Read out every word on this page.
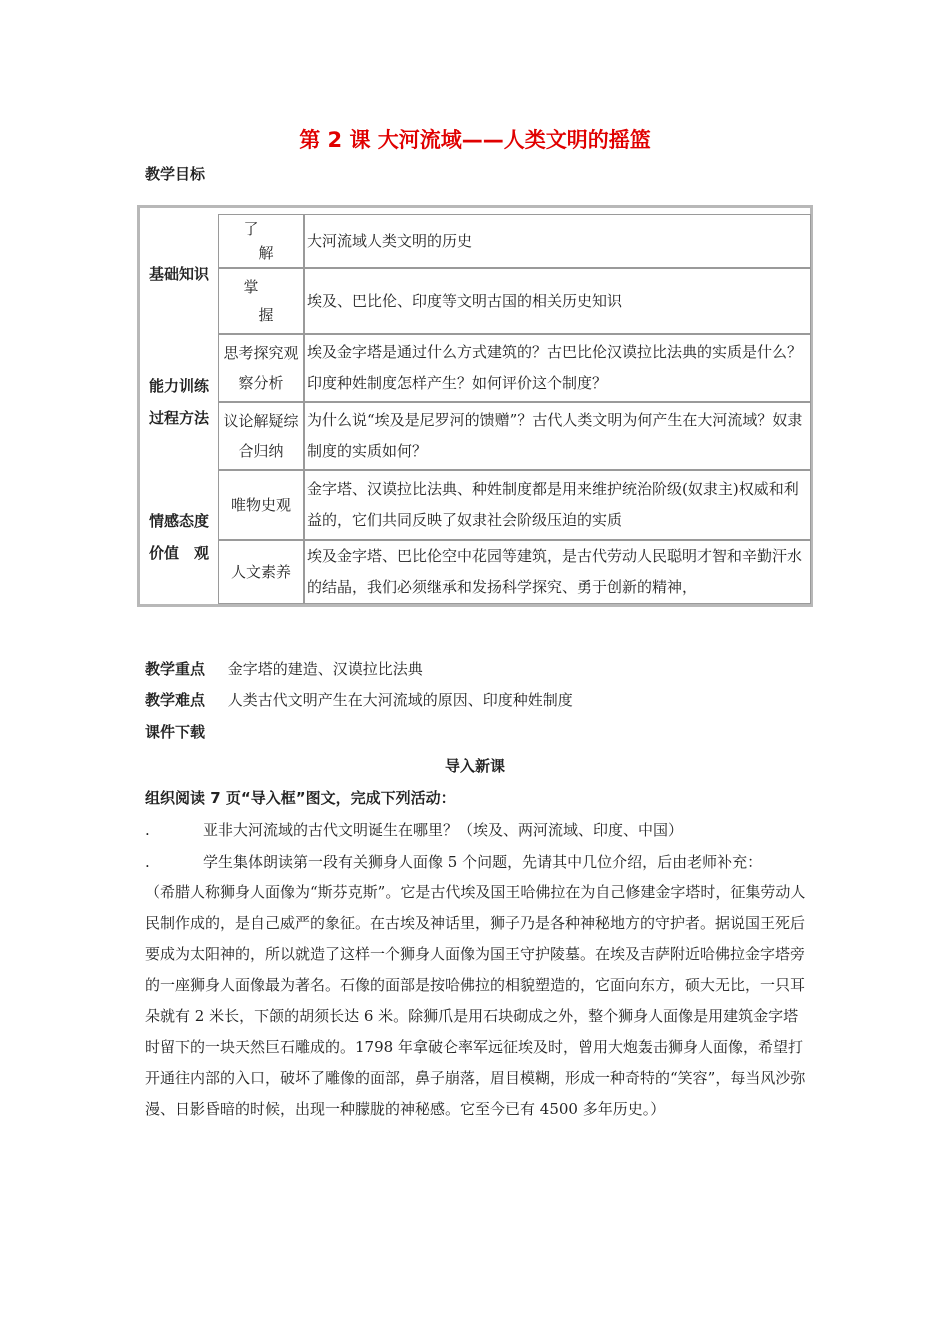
第 2 课 大河流域——人类文明的摇篮
教学目标
基础知识
了
解
大河流域人类文明的历史
掌
握
埃及、巴比伦、印度等文明古国的相关历史知识
能力训练
过程方法
思考探究观
察分析
埃及金字塔是通过什么方式建筑的？古巴比伦汉谟拉比法典的实质是什么？印度种姓制度怎样产生？如何评价这个制度？
议论解疑综
合归纳
为什么说“埃及是尼罗河的馈赠”？古代人类文明为何产生在大河流域？奴隶制度的实质如何？
情感态度
价值　观
唯物史观
金字塔、汉谟拉比法典、种姓制度都是用来维护统治阶级(奴隶主)权威和利益的，它们共同反映了奴隶社会阶级压迫的实质
人文素养
埃及金字塔、巴比伦空中花园等建筑，是古代劳动人民聪明才智和辛勤汗水的结晶，我们必须继承和发扬科学探究、勇于创新的精神，
教学重点 金字塔的建造、汉谟拉比法典
教学难点 人类古代文明产生在大河流域的原因、印度种姓制度
课件下载
导入新课
组织阅读 7 页“导入框”图文，完成下列活动：
.	亚非大河流域的古代文明诞生在哪里？（埃及、两河流域、印度、中国）
.	学生集体朗读第一段有关狮身人面像 5 个问题，先请其中几位介绍，后由老师补充：
（希腊人称狮身人面像为“斯芬克斯”。它是古代埃及国王哈佛拉在为自己修建金字塔时，征集劳动人民制作成的，是自己威严的象征。在古埃及神话里，狮子乃是各种神秘地方的守护者。据说国王死后要成为太阳神的，所以就造了这样一个狮身人面像为国王守护陵墓。在埃及吉萨附近哈佛拉金字塔旁的一座狮身人面像最为著名。石像的面部是按哈佛拉的相貌塑造的，它面向东方，硕大无比，一只耳朵就有 2 米长，下颌的胡须长达 6 米。除狮爪是用石块砌成之外，整个狮身人面像是用建筑金字塔时留下的一块天然巨石雕成的。1798 年拿破仑率军远征埃及时，曾用大炮轰击狮身人面像，希望打开通往内部的入口，破坏了雕像的面部，鼻子崩落，眉目模糊，形成一种奇特的“笑容”，每当风沙弥漫、日影昏暗的时候，出现一种朦胧的神秘感。它至今已有 4500 多年历史。）
